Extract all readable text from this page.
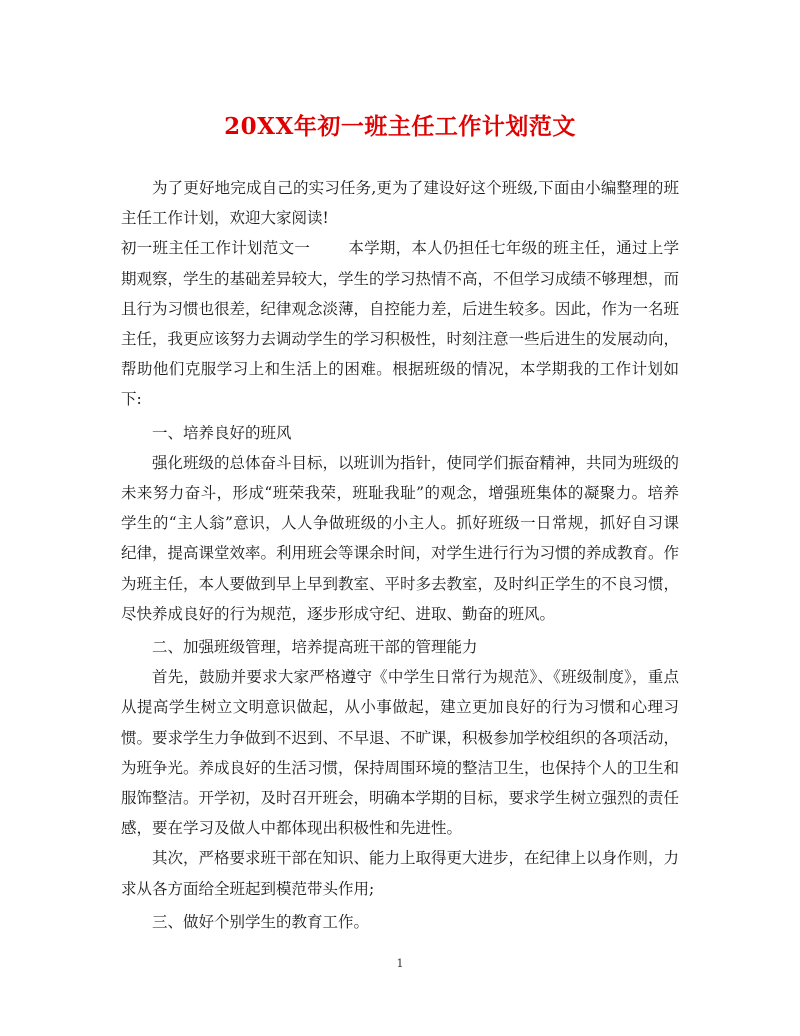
20XX年初一班主任工作计划范文

为了更好地完成自己的实习任务,更为了建设好这个班级,下面由小编整理的班主任工作计划，欢迎大家阅读!

初一班主任工作计划范文一 本学期，本人仍担任七年级的班主任，通过上学期观察，学生的基础差异较大，学生的学习热情不高，不但学习成绩不够理想，而且行为习惯也很差，纪律观念淡薄，自控能力差，后进生较多。因此，作为一名班主任，我更应该努力去调动学生的学习积极性，时刻注意一些后进生的发展动向，帮助他们克服学习上和生活上的困难。根据班级的情况，本学期我的工作计划如下:

一、培养良好的班风

强化班级的总体奋斗目标，以班训为指针，使同学们振奋精神，共同为班级的未来努力奋斗，形成“班荣我荣，班耻我耻”的观念，增强班集体的凝聚力。培养学生的“主人翁”意识，人人争做班级的小主人。抓好班级一日常规，抓好自习课纪律，提高课堂效率。利用班会等课余时间，对学生进行行为习惯的养成教育。作为班主任，本人要做到早上早到教室、平时多去教室，及时纠正学生的不良习惯，尽快养成良好的行为规范，逐步形成守纪、进取、勤奋的班风。

二、加强班级管理，培养提高班干部的管理能力

首先，鼓励并要求大家严格遵守《中学生日常行为规范》、《班级制度》，重点从提高学生树立文明意识做起，从小事做起，建立更加良好的行为习惯和心理习惯。要求学生力争做到不迟到、不早退、不旷课，积极参加学校组织的各项活动，为班争光。养成良好的生活习惯，保持周围环境的整洁卫生，也保持个人的卫生和服饰整洁。开学初，及时召开班会，明确本学期的目标，要求学生树立强烈的责任感，要在学习及做人中都体现出积极性和先进性。

其次，严格要求班干部在知识、能力上取得更大进步，在纪律上以身作则，力求从各方面给全班起到模范带头作用;

三、做好个别学生的教育工作。

1
